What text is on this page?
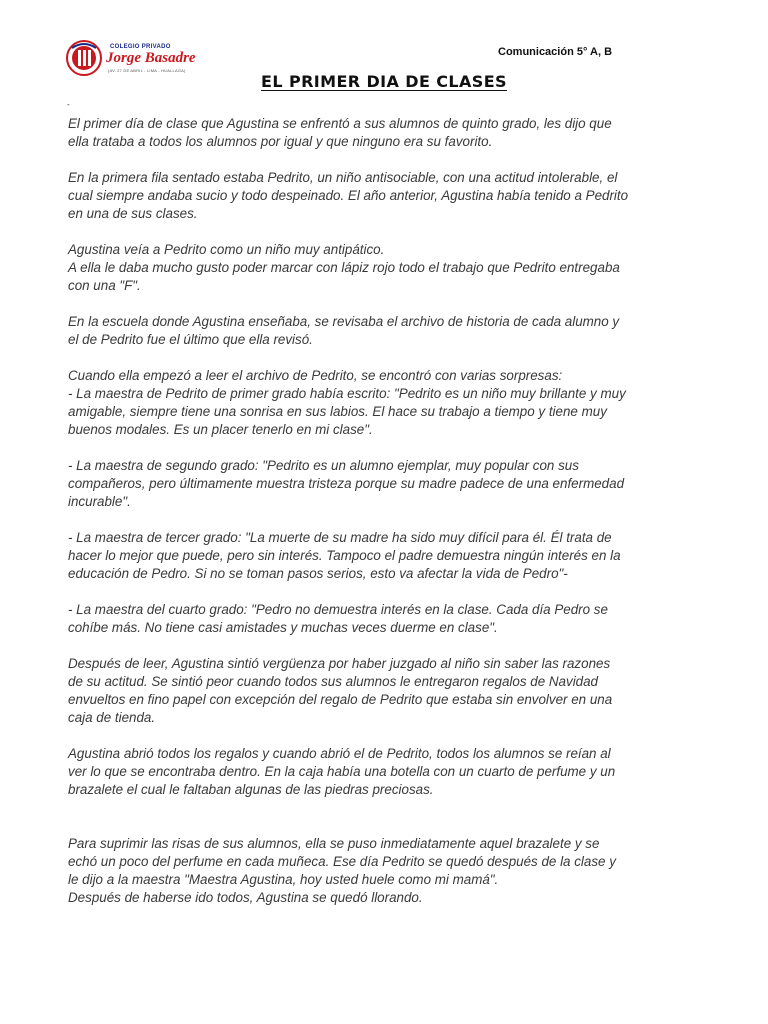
COLEGIO PRIVADO
Jorge Basadre
(AV. 27 DE ABRIL - LIMA - HUALLAGA)
Comunicación 5° A, B
EL PRIMER DIA DE CLASES
-
El primer día de clase que Agustina se enfrentó a sus alumnos de quinto grado, les dijo que
ella trataba a todos los alumnos por igual y que ninguno era su favorito.
En la primera fila sentado estaba Pedrito, un niño antisociable, con una actitud intolerable, el
cual siempre andaba sucio y todo despeinado. El año anterior, Agustina había tenido a Pedrito
en una de sus clases.
Agustina veía a Pedrito como un niño muy antipático.
A ella le daba mucho gusto poder marcar con lápiz rojo todo el trabajo que Pedrito entregaba
con una "F".
En la escuela donde Agustina enseñaba, se revisaba el archivo de historia de cada alumno y
el de Pedrito fue el último que ella revisó.
Cuando ella empezó a leer el archivo de Pedrito, se encontró con varias sorpresas:
- La maestra de Pedrito de primer grado había escrito: "Pedrito es un niño muy brillante y muy
amigable, siempre tiene una sonrisa en sus labios. El hace su trabajo a tiempo y tiene muy
buenos modales. Es un placer tenerlo en mi clase".
- La maestra de segundo grado: "Pedrito es un alumno ejemplar, muy popular con sus
compañeros, pero últimamente muestra tristeza porque su madre padece de una enfermedad
incurable".
- La maestra de tercer grado: "La muerte de su madre ha sido muy difícil para él. Él trata de
hacer lo mejor que puede, pero sin interés. Tampoco el padre demuestra ningún interés en la
educación de Pedro. Si no se toman pasos serios, esto va afectar la vida de Pedro"-
- La maestra del cuarto grado: "Pedro no demuestra interés en la clase. Cada día Pedro se
cohíbe más. No tiene casi amistades y muchas veces duerme en clase".
Después de leer, Agustina sintió vergüenza por haber juzgado al niño sin saber las razones
de su actitud. Se sintió peor cuando todos sus alumnos le entregaron regalos de Navidad
envueltos en fino papel con excepción del regalo de Pedrito que estaba sin envolver en una
caja de tienda.
Agustina abrió todos los regalos y cuando abrió el de Pedrito, todos los alumnos se reían al
ver lo que se encontraba dentro. En la caja había una botella con un cuarto de perfume y un
brazalete el cual le faltaban algunas de las piedras preciosas.
Para suprimir las risas de sus alumnos, ella se puso inmediatamente aquel brazalete y se
echó un poco del perfume en cada muñeca. Ese día Pedrito se quedó después de la clase y
le dijo a la maestra "Maestra Agustina, hoy usted huele como mi mamá".
Después de haberse ido todos, Agustina se quedó llorando.
